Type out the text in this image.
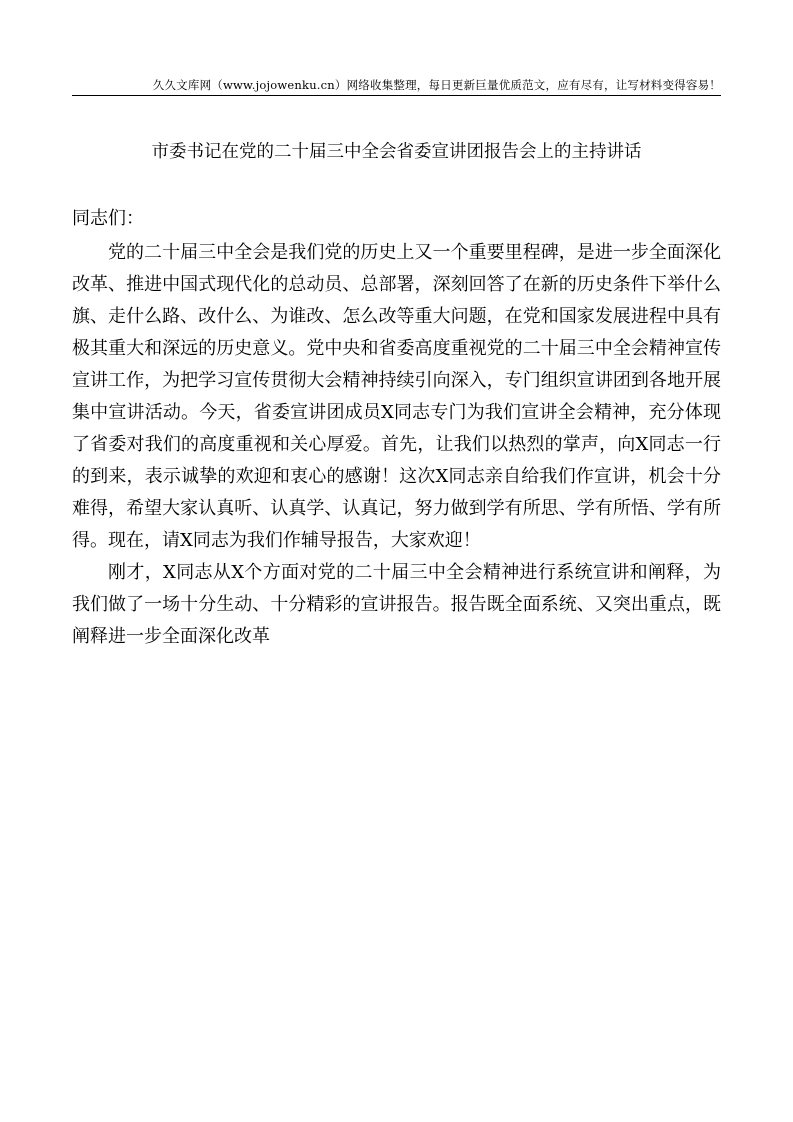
久久文库网（www.jojowenku.cn）网络收集整理，每日更新巨量优质范文，应有尽有，让写材料变得容易！
市委书记在党的二十届三中全会省委宣讲团报告会上的主持讲话
同志们：

党的二十届三中全会是我们党的历史上又一个重要里程碑，是进一步全面深化改革、推进中国式现代化的总动员、总部署，深刻回答了在新的历史条件下举什么旗、走什么路、改什么、为谁改、怎么改等重大问题，在党和国家发展进程中具有极其重大和深远的历史意义。党中央和省委高度重视党的二十届三中全会精神宣传宣讲工作，为把学习宣传贯彻大会精神持续引向深入，专门组织宣讲团到各地开展集中宣讲活动。今天，省委宣讲团成员X同志专门为我们宣讲全会精神，充分体现了省委对我们的高度重视和关心厚爱。首先，让我们以热烈的掌声，向X同志一行的到来，表示诚挚的欢迎和衷心的感谢！这次X同志亲自给我们作宣讲，机会十分难得，希望大家认真听、认真学、认真记，努力做到学有所思、学有所悟、学有所得。现在，请X同志为我们作辅导报告，大家欢迎！

刚才，X同志从X个方面对党的二十届三中全会精神进行系统宣讲和阐释，为我们做了一场十分生动、十分精彩的宣讲报告。报告既全面系统、又突出重点，既阐释进一步全面深化改革
